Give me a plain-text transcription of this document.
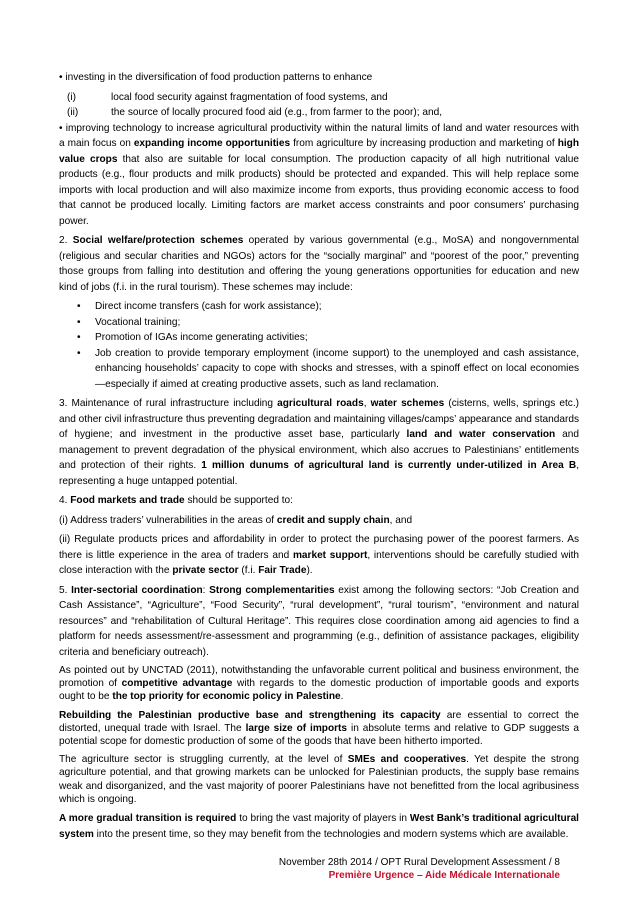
• investing in the diversification of food production patterns to enhance

(i)	local food security against fragmentation of food systems, and
(ii)	the source of locally procured food aid (e.g., from farmer to the poor); and,

• improving technology to increase agricultural productivity within the natural limits of land and water resources with a main focus on expanding income opportunities from agriculture by increasing production and marketing of high value crops that also are suitable for local consumption. The production capacity of all high nutritional value products (e.g., flour products and milk products) should be protected and expanded. This will help replace some imports with local production and will also maximize income from exports, thus providing economic access to food that cannot be produced locally. Limiting factors are market access constraints and poor consumers’ purchasing power.

2. Social welfare/protection schemes operated by various governmental (e.g., MoSA) and nongovernmental (religious and secular charities and NGOs) actors for the “socially marginal” and “poorest of the poor,” preventing those groups from falling into destitution and offering the young generations opportunities for education and new kind of jobs (f.i. in the rural tourism). These schemes may include:

•	Direct income transfers (cash for work assistance);
•	Vocational training;
•	Promotion of IGAs income generating activities;
•	Job creation to provide temporary employment (income support) to the unemployed and cash assistance, enhancing households’ capacity to cope with shocks and stresses, with a spinoff effect on local economies—especially if aimed at creating productive assets, such as land reclamation.

3. Maintenance of rural infrastructure including agricultural roads, water schemes (cisterns, wells, springs etc.) and other civil infrastructure thus preventing degradation and maintaining villages/camps’ appearance and standards of hygiene; and investment in the productive asset base, particularly land and water conservation and management to prevent degradation of the physical environment, which also accrues to Palestinians’ entitlements and protection of their rights. 1 million dunums of agricultural land is currently under-utilized in Area B, representing a huge untapped potential.

4. Food markets and trade should be supported to:

(i) Address traders’ vulnerabilities in the areas of credit and supply chain, and

(ii) Regulate products prices and affordability in order to protect the purchasing power of the poorest farmers. As there is little experience in the area of traders and market support, interventions should be carefully studied with close interaction with the private sector (f.i. Fair Trade).

5. Inter-sectorial coordination: Strong complementarities exist among the following sectors: “Job Creation and Cash Assistance”, “Agriculture”, “Food Security”, “rural development”, “rural tourism”, “environment and natural resources” and “rehabilitation of Cultural Heritage”. This requires close coordination among aid agencies to find a platform for needs assessment/re-assessment and programming (e.g., definition of assistance packages, eligibility criteria and beneficiary outreach).

As pointed out by UNCTAD (2011), notwithstanding the unfavorable current political and business environment, the promotion of competitive advantage with regards to the domestic production of importable goods and exports ought to be the top priority for economic policy in Palestine.

Rebuilding the Palestinian productive base and strengthening its capacity are essential to correct the distorted, unequal trade with Israel. The large size of imports in absolute terms and relative to GDP suggests a potential scope for domestic production of some of the goods that have been hitherto imported.

The agriculture sector is struggling currently, at the level of SMEs and cooperatives. Yet despite the strong agriculture potential, and that growing markets can be unlocked for Palestinian products, the supply base remains weak and disorganized, and the vast majority of poorer Palestinians have not benefitted from the local agribusiness which is ongoing.

A more gradual transition is required to bring the vast majority of players in West Bank’s traditional agricultural system into the present time, so they may benefit from the technologies and modern systems which are available.

November 28th 2014 / OPT Rural Development Assessment / 8
Première Urgence – Aide Médicale Internationale
